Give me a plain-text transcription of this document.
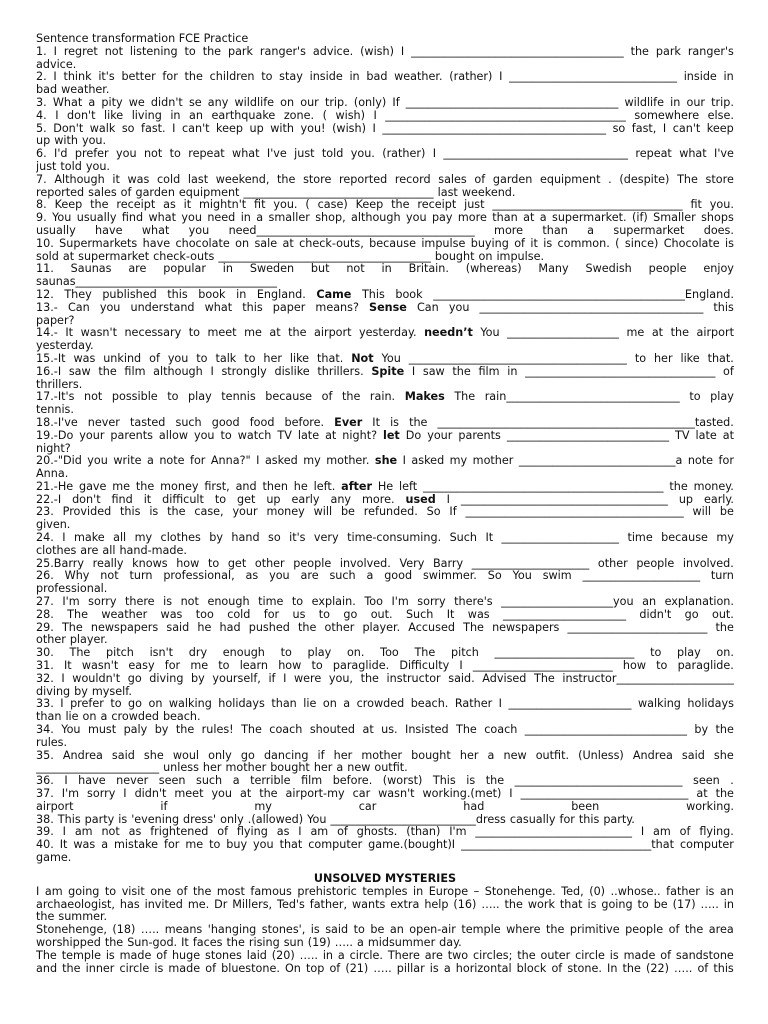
Sentence transformation FCE Practice
1. I regret not listening to the park ranger's advice. (wish) I ______________________________________ the park ranger's
advice.
2. I think it's better for the children to stay inside in bad weather. (rather) I ______________________________ inside in
bad weather.
3. What a pity we didn't se any wildlife on our trip. (only) If ______________________________________ wildlife in our trip.
4. I don't like living in an earthquake zone. ( wish) I ___________________________________________ somewhere else.
5. Don't walk so fast. I can't keep up with you! (wish) I ________________________________________ so fast, I can't keep
up with you.
6. I'd prefer you not to repeat what I've just told you. (rather) I _________________________________ repeat what I've
just told you.
7. Although it was cold last weekend, the store reported record sales of garden equipment . (despite) The store
reported sales of garden equipment __________________________________ last weekend.
8. Keep the receipt as it mightn't fit you. ( case) Keep the receipt just __________________________________ fit you.
9. You usually find what you need in a smaller shop, although you pay more than at a supermarket. (if) Smaller shops
usually have what you need_______________________________________ more than a supermarket does.
10. Supermarkets have chocolate on sale at check-outs, because impulse buying of it is common. ( since) Chocolate is
sold at supermarket check-outs ______________________________________ bought on impulse.
11. Saunas are popular in Sweden but not in Britain. (whereas) Many Swedish people enjoy
saunas____________________________________
12. They published this book in England. Came This book _____________________________________________England.
13.- Can you understand what this paper means? Sense Can you ________________________________________ this
paper?
14.- It wasn't necessary to meet me at the airport yesterday. needn’t You ____________________ me at the airport
yesterday.
15.-It was unkind of you to talk to her like that. Not You _______________________________________ to her like that.
16.-I saw the film although I strongly dislike thrillers. Spite I saw the film in __________________________________ of
thrillers.
17.-It's not possible to play tennis because of the rain. Makes The rain_______________________________ to play
tennis.
18.-I've never tasted such good food before. Ever It is the ______________________________________________tasted.
19.-Do your parents allow you to watch TV late at night? let Do your parents _____________________________ TV late at
night?
20.-"Did you write a note for Anna?" I asked my mother. she I asked my mother ____________________________a note for
Anna.
21.-He gave me the money first, and then he left. after He left ___________________________________________ the money.
22.-I don't find it difficult to get up early any more. used I _____________________________________ up early.
23. Provided this is the case, your money will be refunded. So If _______________________________________ will be
given.
24. I make all my clothes by hand so it's very time-consuming. Such It _____________________ time because my
clothes are all hand-made.
25.Barry really knows how to get other people involved. Very Barry _____________________ other people involved.
26. Why not turn professional, as you are such a good swimmer. So You swim _____________________ turn
professional.
27. I'm sorry there is not enough time to explain. Too I'm sorry there's ____________________you an explanation.
28. The weather was too cold for us to go out. Such It was ______________________ didn't go out.
29. The newspapers said he had pushed the other player. Accused The newspapers _________________________ the
other player.
30. The pitch isn't dry enough to play on. Too The pitch _________________________ to play on.
31. It wasn't easy for me to learn how to paraglide. Difficulty I _________________________ how to paraglide.
32. I wouldn't go diving by yourself, if I were you, the instructor said. Advised The instructor_____________________
diving by myself.
33. I prefer to go on walking holidays than lie on a crowded beach. Rather I ______________________ walking holidays
than lie on a crowded beach.
34. You must paly by the rules! The coach shouted at us. Insisted The coach _____________________________ by the
rules.
35. Andrea said she woul only go dancing if her mother bought her a new outfit. (Unless) Andrea said she
______________________ unless her mother bought her a new outfit.
36. I have never seen such a terrible film before. (worst) This is the ______________________________ seen .
37. I'm sorry I didn't meet you at the airport-my car wasn't working.(met) I ______________________________ at the
airport	if	my	car	had	been	working.
38. This party is 'evening dress' only .(allowed) You __________________________dress casually for this party.
39. I am not as frightened of flying as I am of ghosts. (than) I'm ____________________________ I am of flying.
40. It was a mistake for me to buy you that computer game.(bought)I __________________________________that computer
game.
UNSOLVED MYSTERIES
I am going to visit one of the most famous prehistoric temples in Europe – Stonehenge. Ted, (0) ..whose.. father is an
archaeologist, has invited me. Dr Millers, Ted's father, wants extra help (16) ….. the work that is going to be (17) ….. in
the summer.
Stonehenge, (18) ….. means 'hanging stones', is said to be an open-air temple where the primitive people of the area
worshipped the Sun-god. It faces the rising sun (19) ….. a midsummer day.
The temple is made of huge stones laid (20) ….. in a circle. There are two circles; the outer circle is made of sandstone
and the inner circle is made of bluestone. On top of (21) ….. pillar is a horizontal block of stone. In the (22) ….. of this
